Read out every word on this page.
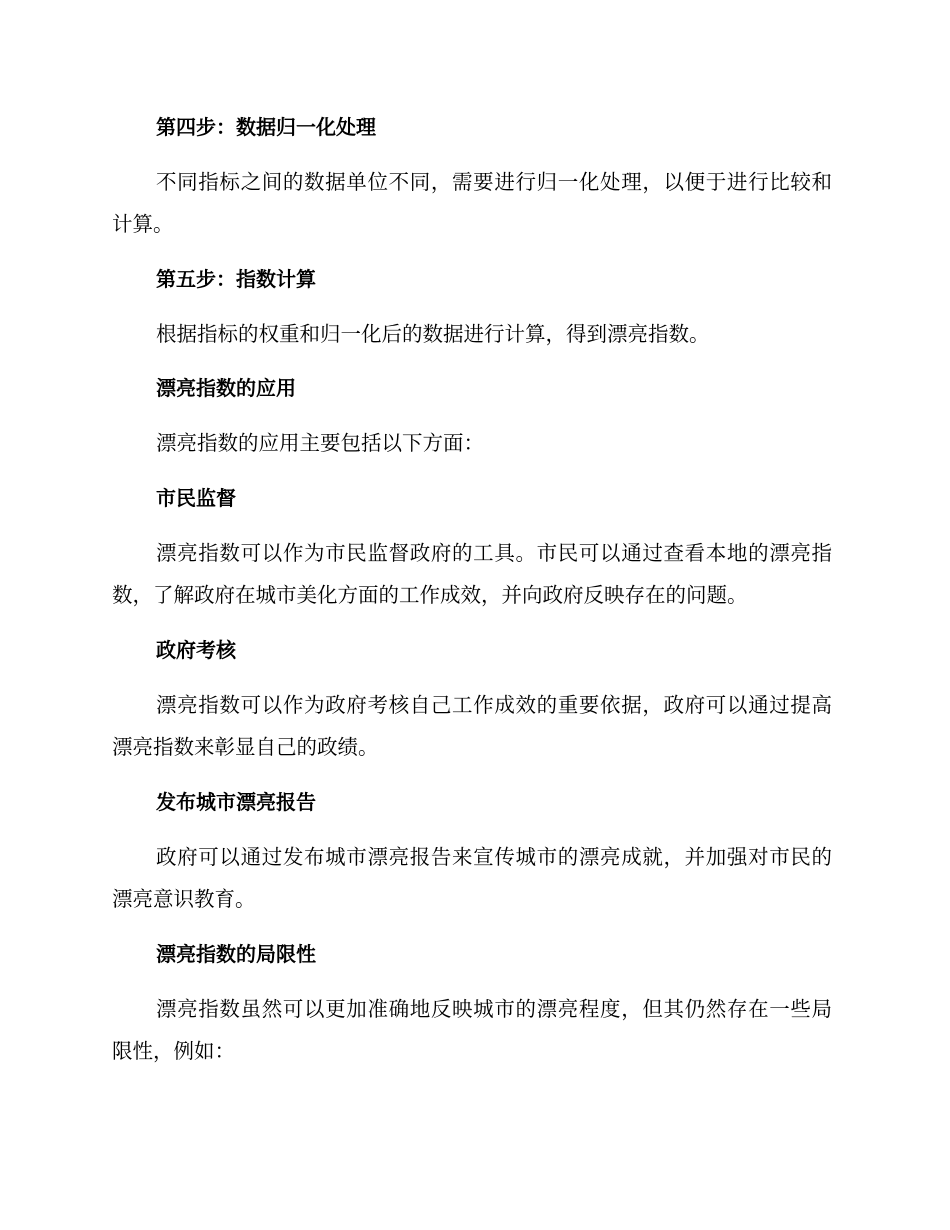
第四步：数据归一化处理

不同指标之间的数据单位不同，需要进行归一化处理，以便于进行比较和计算。

第五步：指数计算

根据指标的权重和归一化后的数据进行计算，得到漂亮指数。

漂亮指数的应用

漂亮指数的应用主要包括以下方面：

市民监督

漂亮指数可以作为市民监督政府的工具。市民可以通过查看本地的漂亮指数，了解政府在城市美化方面的工作成效，并向政府反映存在的问题。

政府考核

漂亮指数可以作为政府考核自己工作成效的重要依据，政府可以通过提高漂亮指数来彰显自己的政绩。

发布城市漂亮报告

政府可以通过发布城市漂亮报告来宣传城市的漂亮成就，并加强对市民的漂亮意识教育。

漂亮指数的局限性

漂亮指数虽然可以更加准确地反映城市的漂亮程度，但其仍然存在一些局限性，例如：
